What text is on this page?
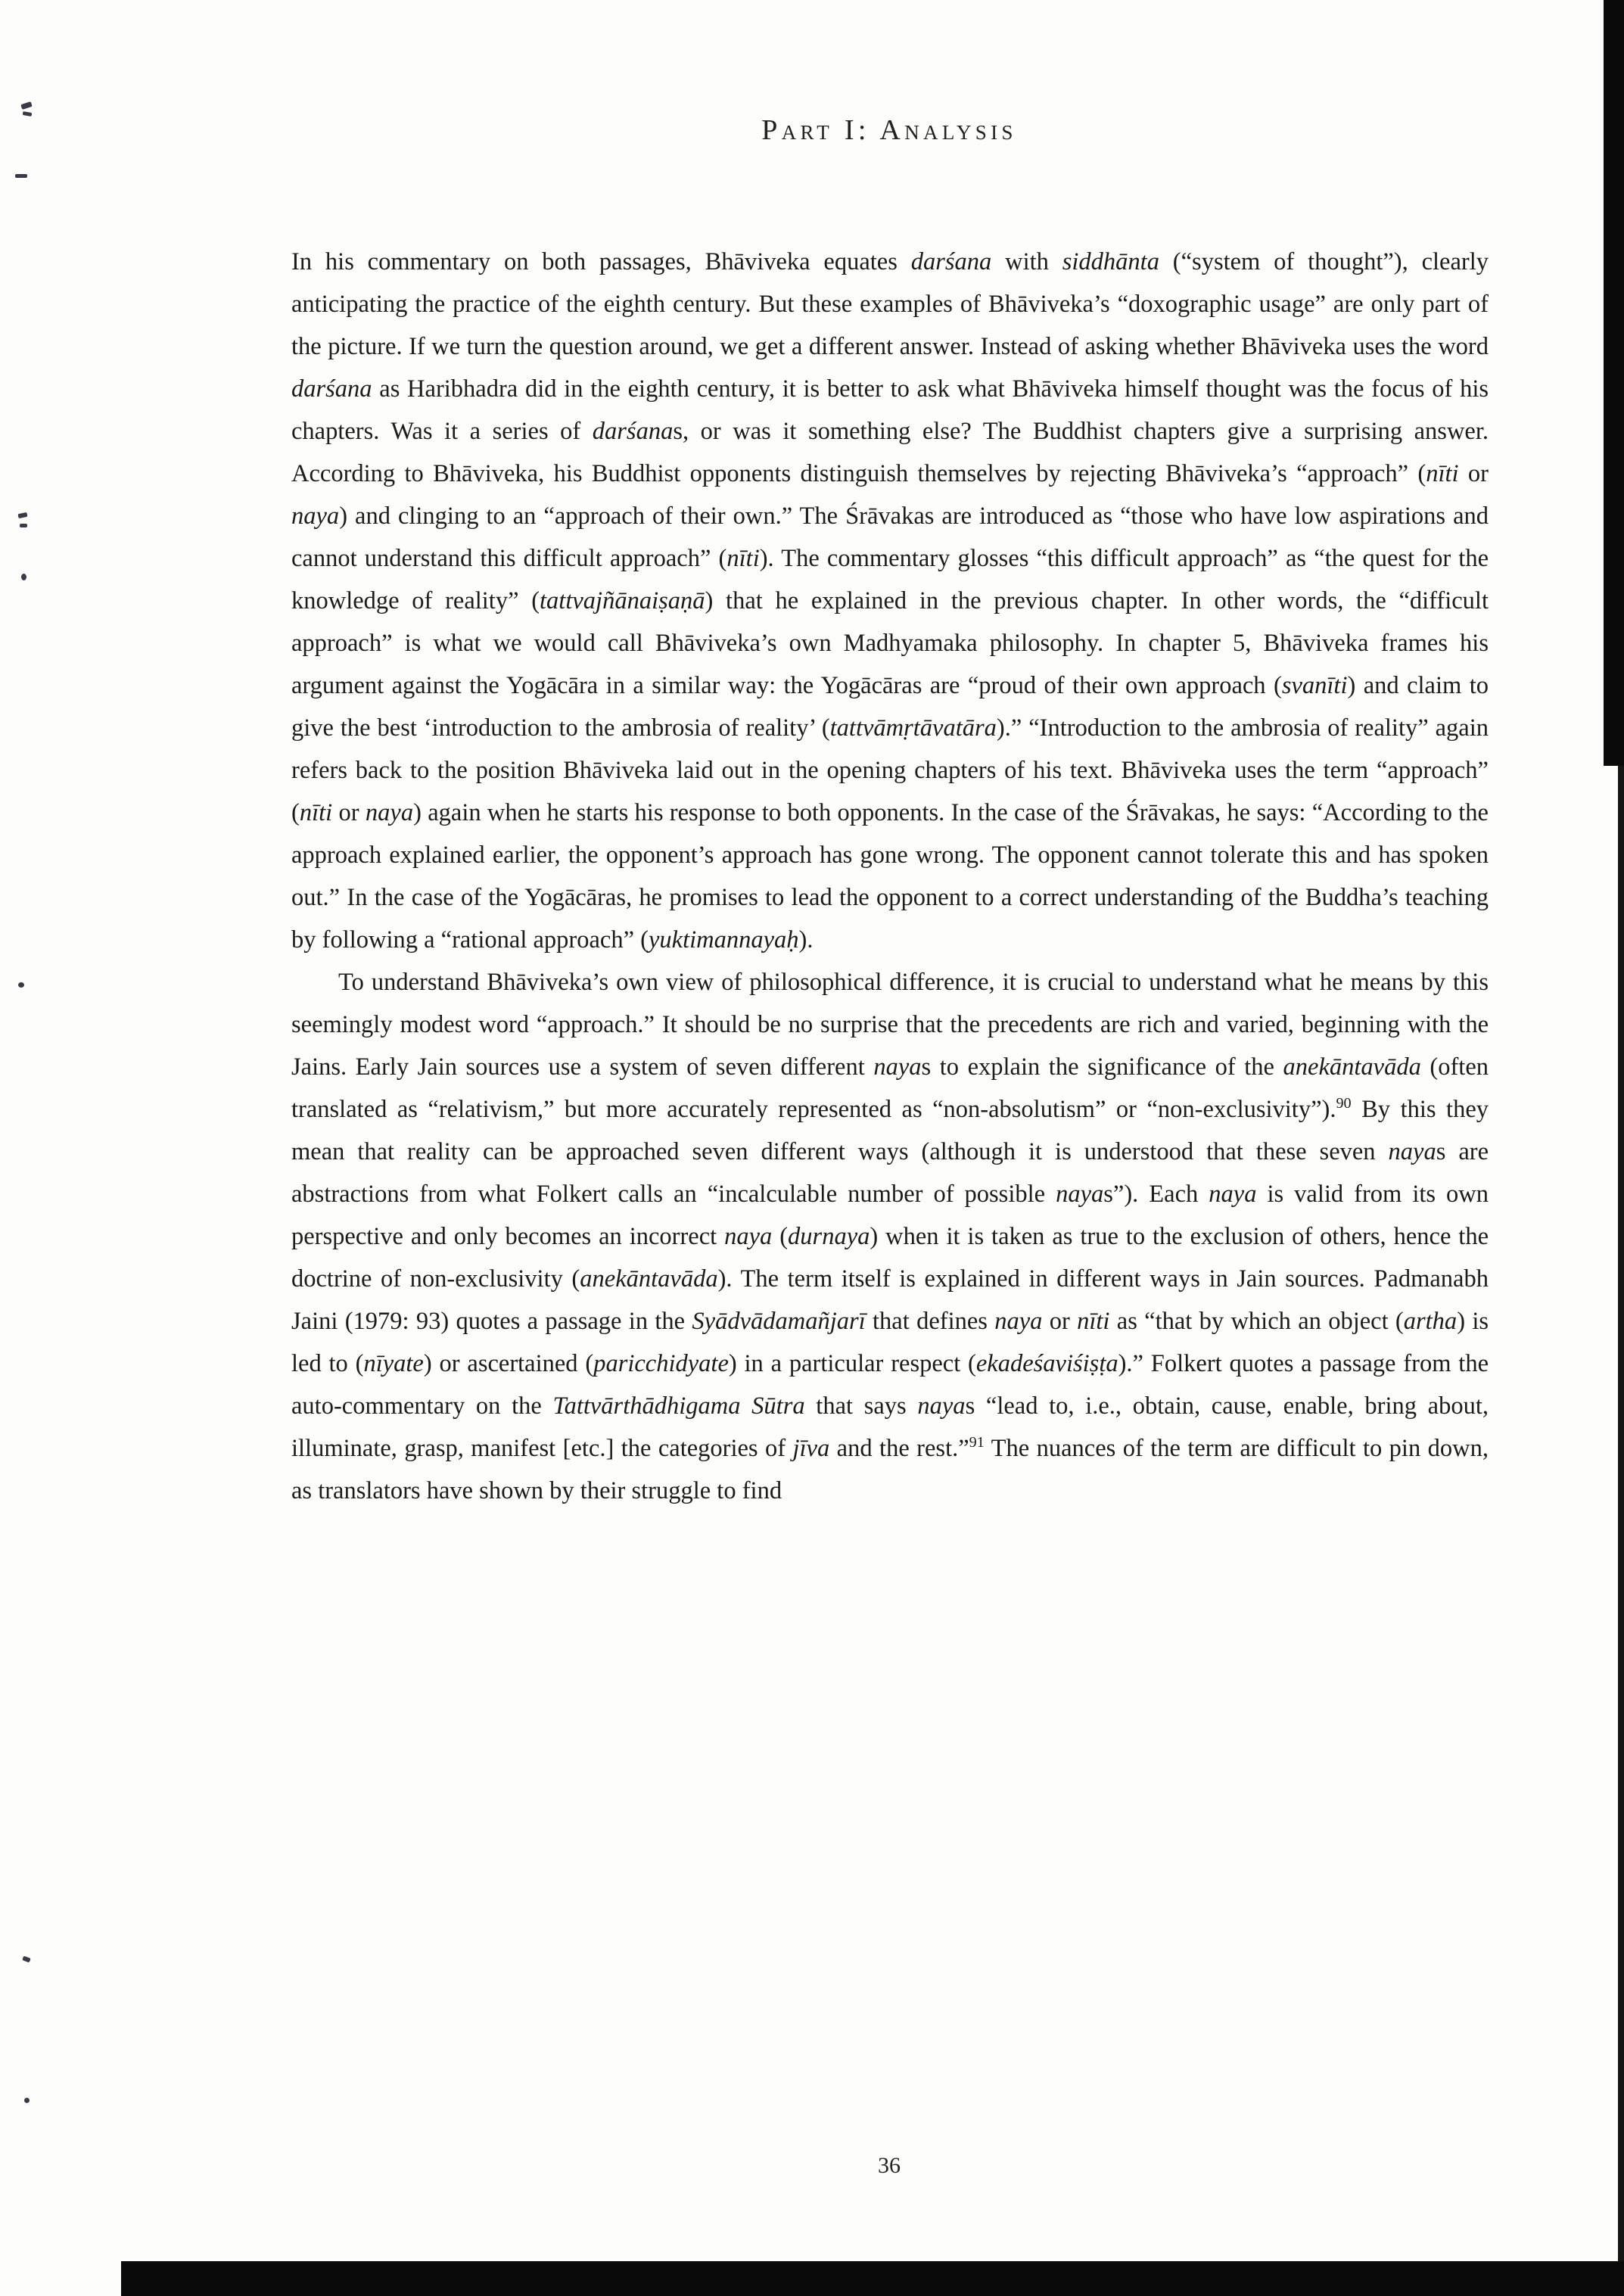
Part I: Analysis

In his commentary on both passages, Bhāviveka equates darśana with siddhānta (“system of thought”), clearly anticipating the practice of the eighth century. But these examples of Bhāviveka’s “doxographic usage” are only part of the picture. If we turn the question around, we get a different answer. Instead of asking whether Bhāviveka uses the word darśana as Haribhadra did in the eighth century, it is better to ask what Bhāviveka himself thought was the focus of his chapters. Was it a series of darśanas, or was it something else? The Buddhist chapters give a surprising answer. According to Bhāviveka, his Buddhist opponents distinguish themselves by rejecting Bhāviveka’s “approach” (nīti or naya) and clinging to an “approach of their own.” The Śrāvakas are introduced as “those who have low aspirations and cannot understand this difficult approach” (nīti). The commentary glosses “this difficult approach” as “the quest for the knowledge of reality” (tattvajñānaiṣaṇā) that he explained in the previous chapter. In other words, the “difficult approach” is what we would call Bhāviveka’s own Madhyamaka philosophy. In chapter 5, Bhāviveka frames his argument against the Yogācāra in a similar way: the Yogācāras are “proud of their own approach (svanīti) and claim to give the best ‘introduction to the ambrosia of reality’ (tattvāmṛtāvatāra).” “Introduction to the ambrosia of reality” again refers back to the position Bhāviveka laid out in the opening chapters of his text. Bhāviveka uses the term “approach” (nīti or naya) again when he starts his response to both opponents. In the case of the Śrāvakas, he says: “According to the approach explained earlier, the opponent’s approach has gone wrong. The opponent cannot tolerate this and has spoken out.” In the case of the Yogācāras, he promises to lead the opponent to a correct understanding of the Buddha’s teaching by following a “rational approach” (yuktimannayaḥ).

To understand Bhāviveka’s own view of philosophical difference, it is crucial to understand what he means by this seemingly modest word “approach.” It should be no surprise that the precedents are rich and varied, beginning with the Jains. Early Jain sources use a system of seven different nayas to explain the significance of the anekāntavāda (often translated as “relativism,” but more accurately represented as “non-absolutism” or “non-exclusivity”).$^{90}$ By this they mean that reality can be approached seven different ways (although it is understood that these seven nayas are abstractions from what Folkert calls an “incalculable number of possible nayas”). Each naya is valid from its own perspective and only becomes an incorrect naya (durnaya) when it is taken as true to the exclusion of others, hence the doctrine of non-exclusivity (anekāntavāda). The term itself is explained in different ways in Jain sources. Padmanabh Jaini (1979: 93) quotes a passage in the Syādvādamañjarī that defines naya or nīti as “that by which an object (artha) is led to (nīyate) or ascertained (paricchidyate) in a particular respect (ekadeśaviśiṣṭa).” Folkert quotes a passage from the auto-commentary on the Tattvārthādhigama Sūtra that says nayas “lead to, i.e., obtain, cause, enable, bring about, illuminate, grasp, manifest [etc.] the categories of jīva and the rest.”$^{91}$ The nuances of the term are difficult to pin down, as translators have shown by their struggle to find

36
